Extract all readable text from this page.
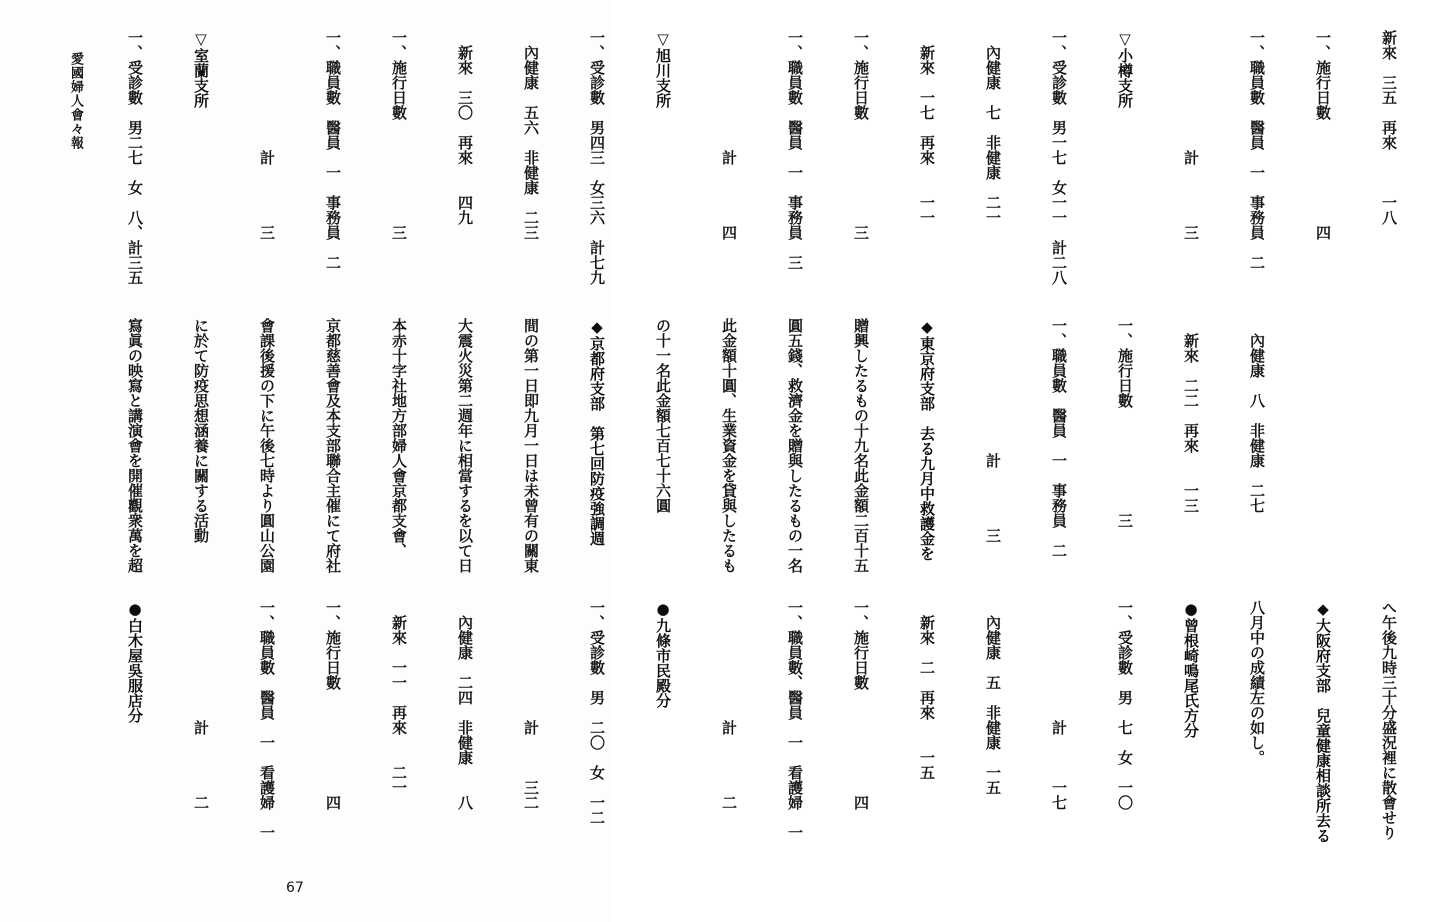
愛國婦人會々報

	新來　三五　再來　　　一八

一、施行日數　　　　　　　四

一、職員數　醫員　一　事務員　二

　　　　　　　　計　　　　三

▽小樽支所

一、受診數　男一七　女一一　計二八

　內健康　七　非健康　二一

　新來　一七　再來　　一一

一、施行日數　　　　　　　三

一、職員數　醫員　一　事務員　三

　　　　　　　　計　　　　四

▽旭川支所

一、受診數　男四三　女三六　計七九

　內健康　五六　非健康　二三

　新來　三〇　再來　　四九

一、施行日數　　　　　　　三

一、職員數　醫員　一　事務員　二

　　　　　　　　計　　　　三

▽室蘭支所

一、受診數　男二七　女　八、計三五

　內健康　八　非健康　二七

　新來　二二　再來　　一三

一、施行日數　　　　　　　三

一、職員數　醫員　一　事務員　二

　　　　　　　　　計　　　　三

◆東京府支部　去る九月中救護金を

贈興したるもの十九名此金額二百十五

圓五錢、救濟金を贈與したるもの一名

此金額十圓、生業資金を貸與したるも

の十一名此金額七百七十六圓

◆京都府支部　第七回防疫強調週

間の第一日即九月一日は未曾有の關東

大震火災第二週年に相當するを以て日

本赤十字社地方部婦人會京都支會、

京都慈善會及本支部聯合主催にて府社

會課後援の下に午後七時より圓山公園

に於て防疫思想涵養に關する活動

寫眞の映寫と講演會を開催觀衆萬を超

へ午後九時三十分盛況裡に散會せり

◆大阪府支部　兒童健康相談所去る

八月中の成績左の如し。

●曾根崎鳴尾氏方分

一、受診數　男　七　女　一〇

　　　　　　　　計　　　一七

　內健康　五　非健康　一五

　新來　二　再來　　一五

一、施行日數　　　　　　　四

一、職員數、醫員　一　看護婦　一

　　　　　　　　計　　　　二

●九條市民殿分

一、受診數　男　二〇　女　一二

　　　　　　　　計　　　三二

　內健康　二四　非健康　　八

　新來　一一　再來　　二一

一、施行日數　　　　　　　四

一、職員數　醫員　一　看護婦　一

　　　　　　　　計　　　　二

●白木屋吳服店分

67
